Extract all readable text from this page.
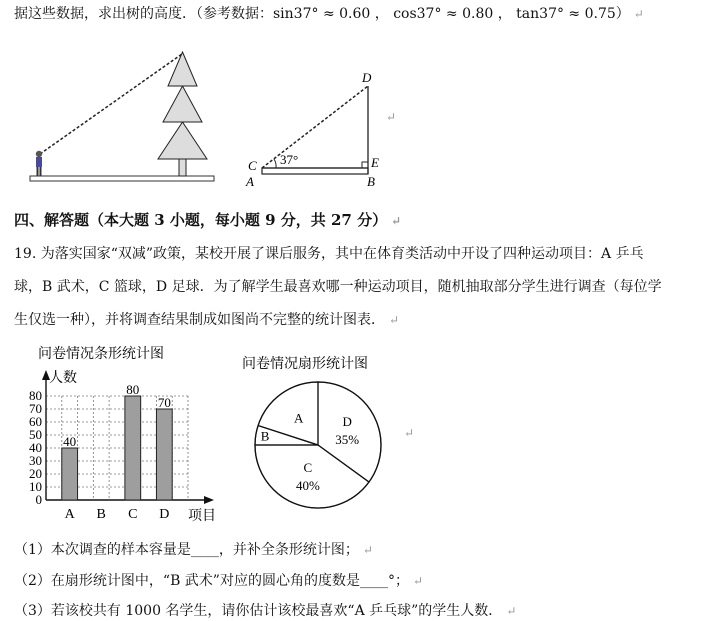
据这些数据，求出树的高度．（参考数据：sin37° ≈ 0.60 ， cos37° ≈ 0.80 ， tan37° ≈ 0.75） ↵
37°
D
C	E
A	B
↵
四、解答题（本大题 3 小题，每小题 9 分，共 27 分） ↵
19. 为落实国家“双减”政策，某校开展了课后服务，其中在体育类活动中开设了四种运动项目：A 乒乓
球，B 武术，C 篮球，D 足球．为了解学生最喜欢哪一种运动项目，随机抽取部分学生进行调查（每位学
生仅选一种），并将调查结果制成如图尚不完整的统计图表． ↵
问卷情况条形统计图
人数
项目
40
80
70
0
10
20
30
40
50
60
70
80
A B C D
问卷情况扇形统计图
D
35%
C
40%
B
A
↵
（1）本次调查的样本容量是____，并补全条形统计图； ↵
（2）在扇形统计图中，“B 武术”对应的圆心角的度数是____°； ↵
（3）若该校共有 1000 名学生，请你估计该校最喜欢“A 乒乓球”的学生人数． ↵
